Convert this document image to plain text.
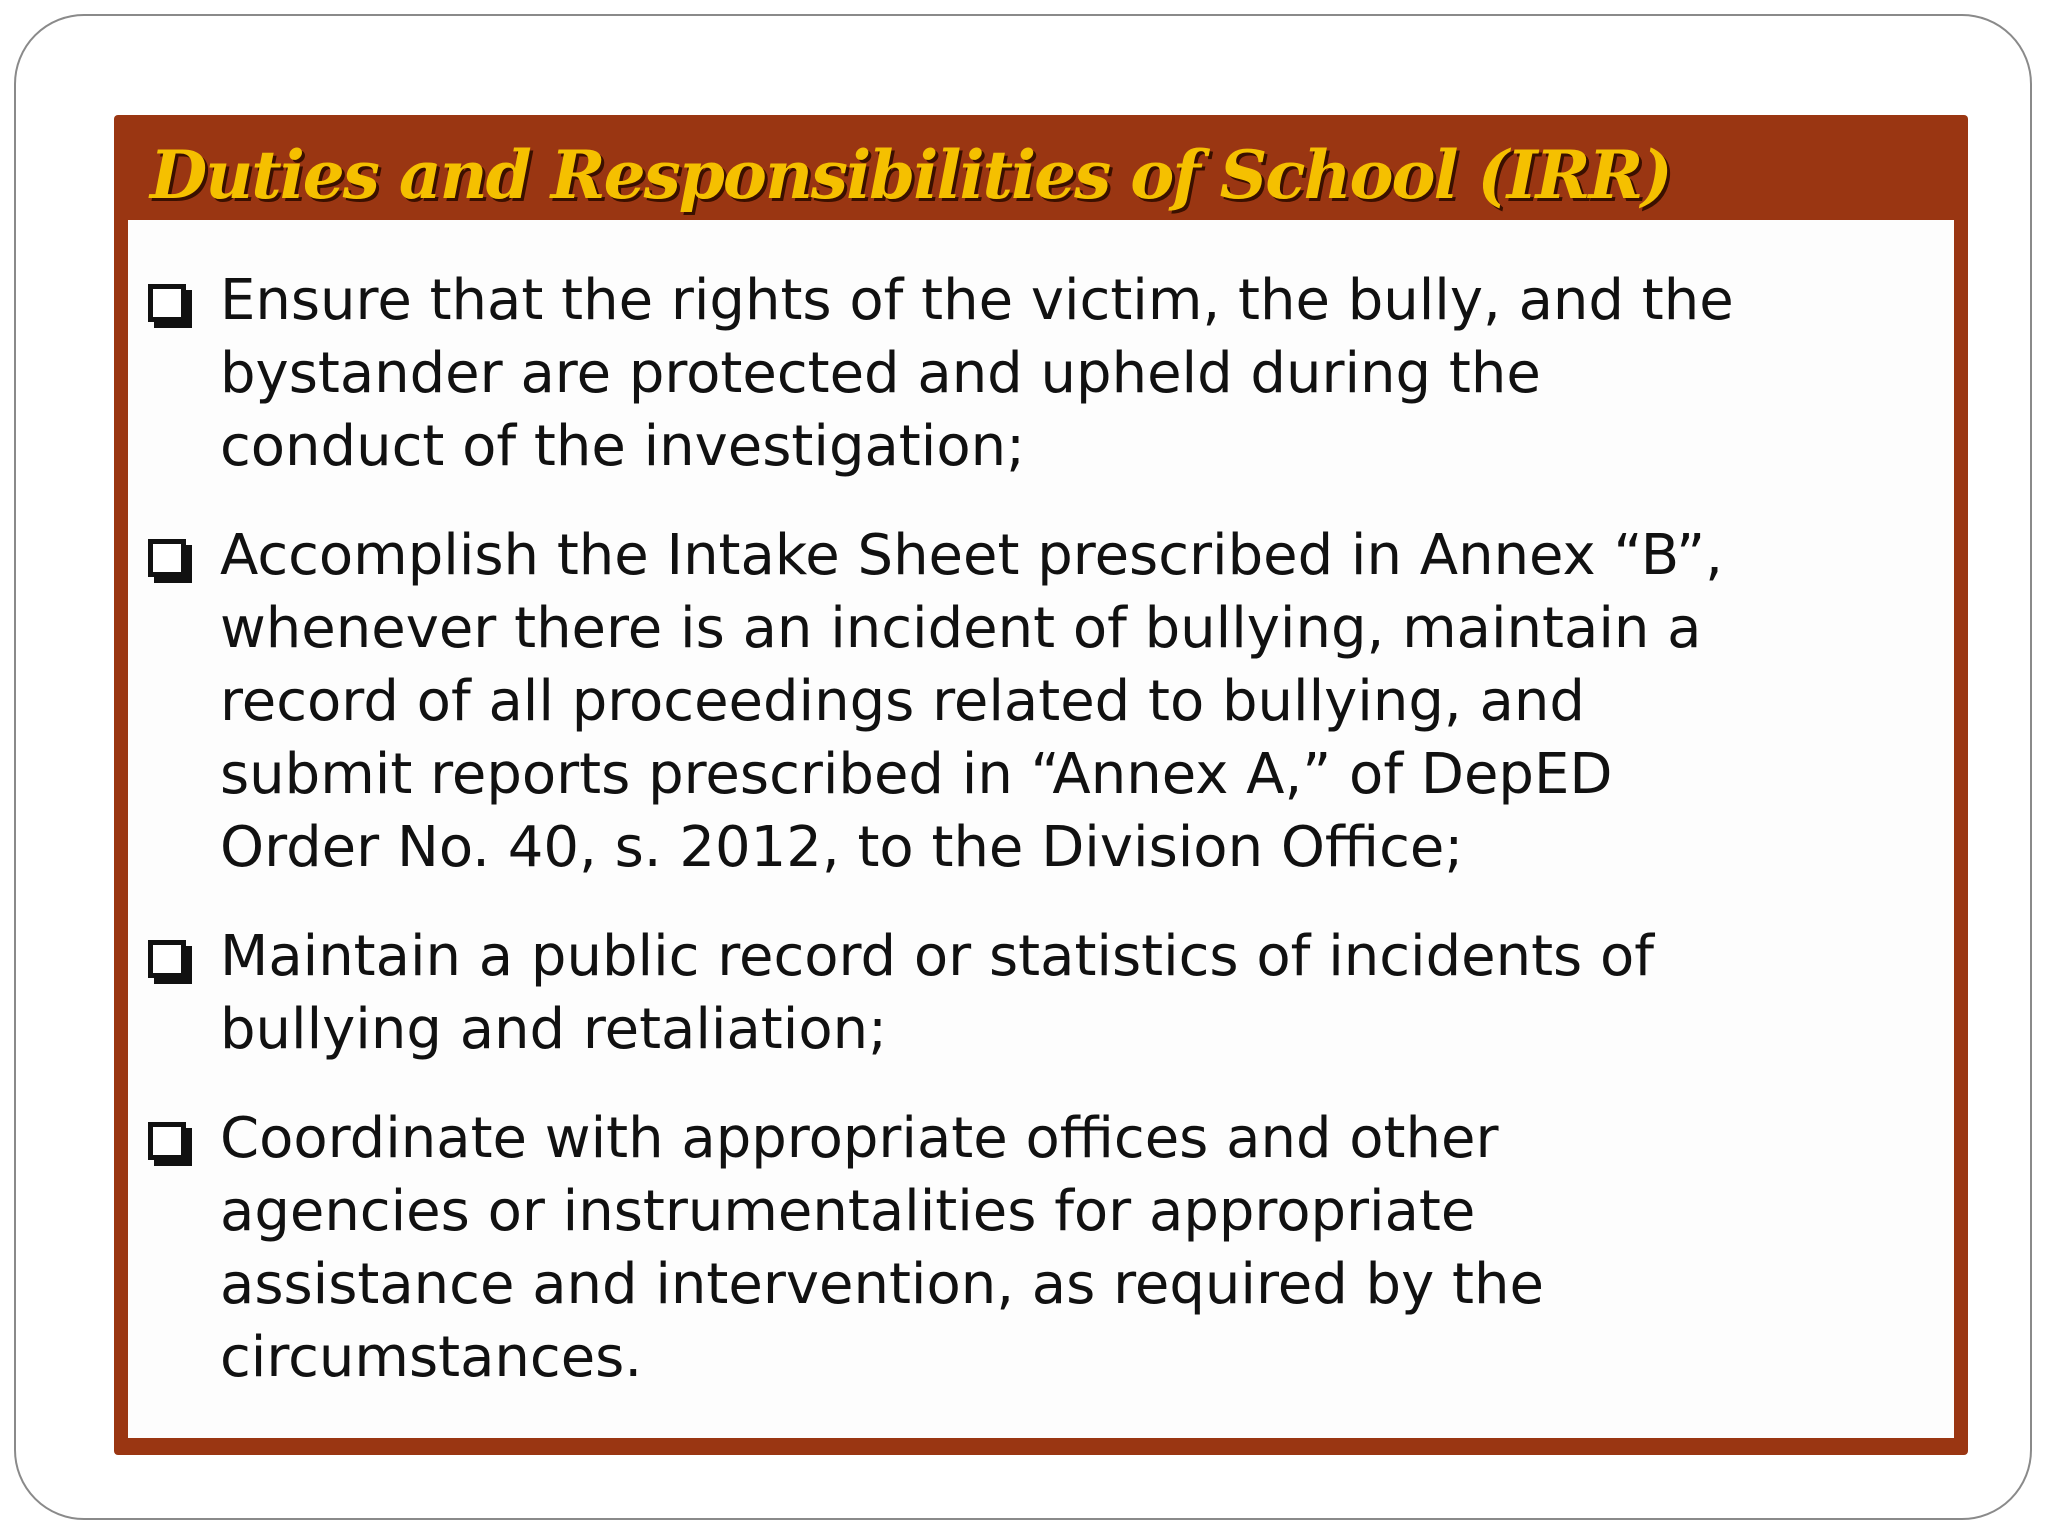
Duties and Responsibilities of School (IRR)
Ensure that the rights of the victim, the bully, and the
bystander are protected and upheld during the
conduct of the investigation;
Accomplish the Intake Sheet prescribed in Annex “B”,
whenever there is an incident of bullying, maintain a
record of all proceedings related to bullying, and
submit reports prescribed in “Annex A,” of DepED
Order No. 40, s. 2012, to the Division Office;
Maintain a public record or statistics of incidents of
bullying and retaliation;
Coordinate with appropriate offices and other
agencies or instrumentalities for appropriate
assistance and intervention, as required by the
circumstances.
